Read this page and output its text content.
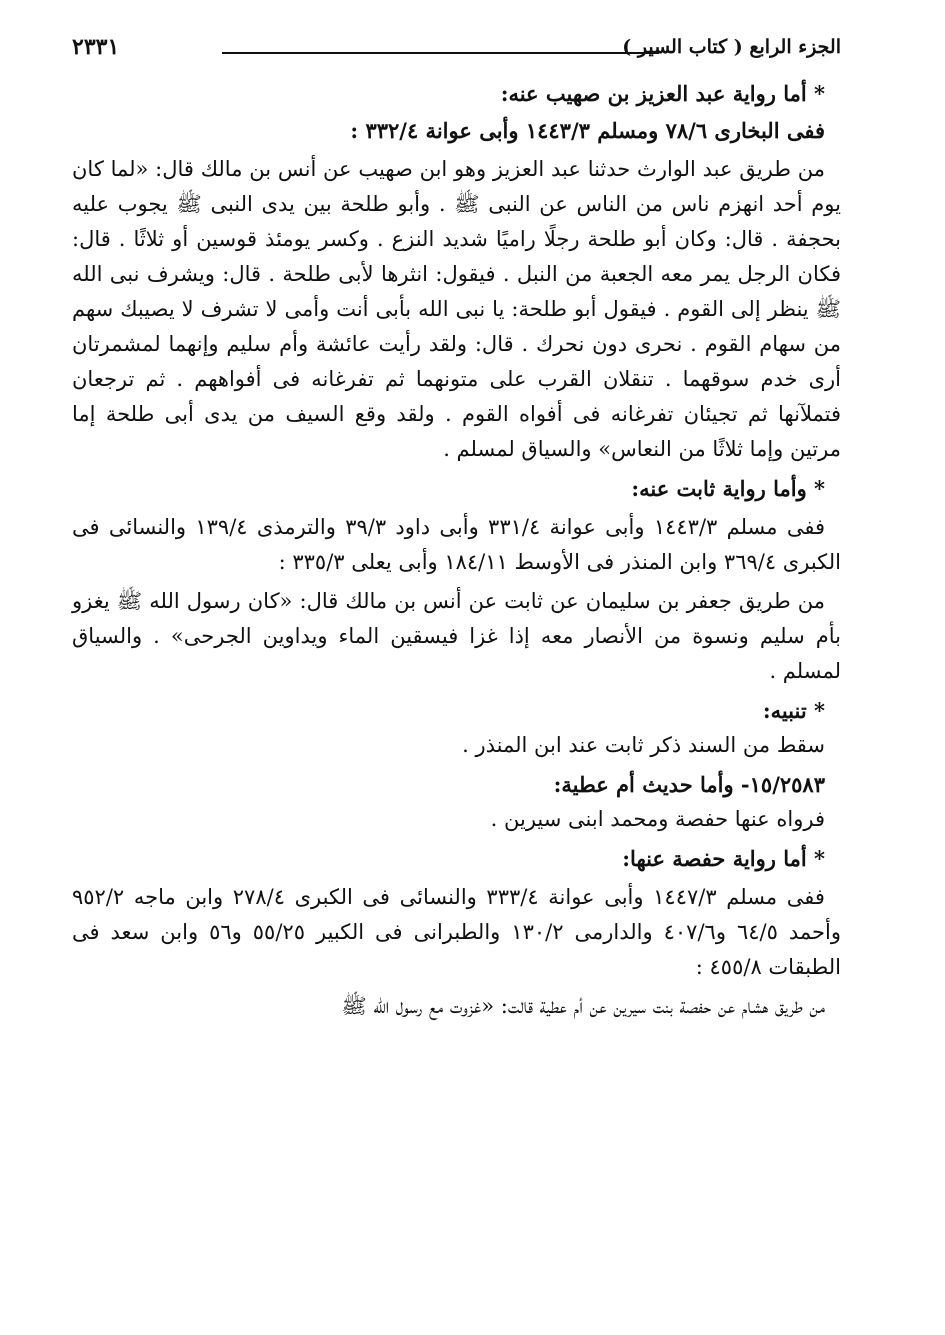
الجزء الرابع ( كتاب السير )
٢٣٣١

* أما رواية عبد العزيز بن صهيب عنه:

ففى البخارى ٧٨/٦ ومسلم ١٤٤٣/٣ وأبى عوانة ٣٣٢/٤ :

من طريق عبد الوارث حدثنا عبد العزيز وهو ابن صهيب عن أنس بن مالك قال: «لما كان يوم أحد انهزم ناس من الناس عن النبى ﷺ . وأبو طلحة بين يدى النبى ﷺ يجوب عليه بحجفة . قال: وكان أبو طلحة رجلًا راميًا شديد النزع . وكسر يومئذ قوسين أو ثلاثًا . قال: فكان الرجل يمر معه الجعبة من النبل . فيقول: انثرها لأبى طلحة . قال: ويشرف نبى الله ﷺ ينظر إلى القوم . فيقول أبو طلحة: يا نبى الله بأبى أنت وأمى لا تشرف لا يصيبك سهم من سهام القوم . نحرى دون نحرك . قال: ولقد رأيت عائشة وأم سليم وإنهما لمشمرتان أرى خدم سوقهما . تنقلان القرب على متونهما ثم تفرغانه فى أفواههم . ثم ترجعان فتملآنها ثم تجيئان تفرغانه فى أفواه القوم . ولقد وقع السيف من يدى أبى طلحة إما مرتين وإما ثلاثًا من النعاس» والسياق لمسلم .

* وأما رواية ثابت عنه:

ففى مسلم ١٤٤٣/٣ وأبى عوانة ٣٣١/٤ وأبى داود ٣٩/٣ والترمذى ١٣٩/٤ والنسائى فى الكبرى ٣٦٩/٤ وابن المنذر فى الأوسط ١٨٤/١١ وأبى يعلى ٣٣٥/٣ :

من طريق جعفر بن سليمان عن ثابت عن أنس بن مالك قال: «كان رسول الله ﷺ يغزو بأم سليم ونسوة من الأنصار معه إذا غزا فيسقين الماء ويداوين الجرحى» . والسياق لمسلم .

* تنبيه:

سقط من السند ذكر ثابت عند ابن المنذر .

١٥/٢٥٨٣- وأما حديث أم عطية:

فرواه عنها حفصة ومحمد ابنى سيرين .

* أما رواية حفصة عنها:

ففى مسلم ١٤٤٧/٣ وأبى عوانة ٣٣٣/٤ والنسائى فى الكبرى ٢٧٨/٤ وابن ماجه ٩٥٢/٢ وأحمد ٦٤/٥ و٤٠٧/٦ والدارمى ١٣٠/٢ والطبرانى فى الكبير ٥٥/٢٥ و٥٦ وابن سعد فى الطبقات ٤٥٥/٨ :

من طريق هشام عن حفصة بنت سيرين عن أم عطية قالت: «غزوت مع رسول الله ﷺ
